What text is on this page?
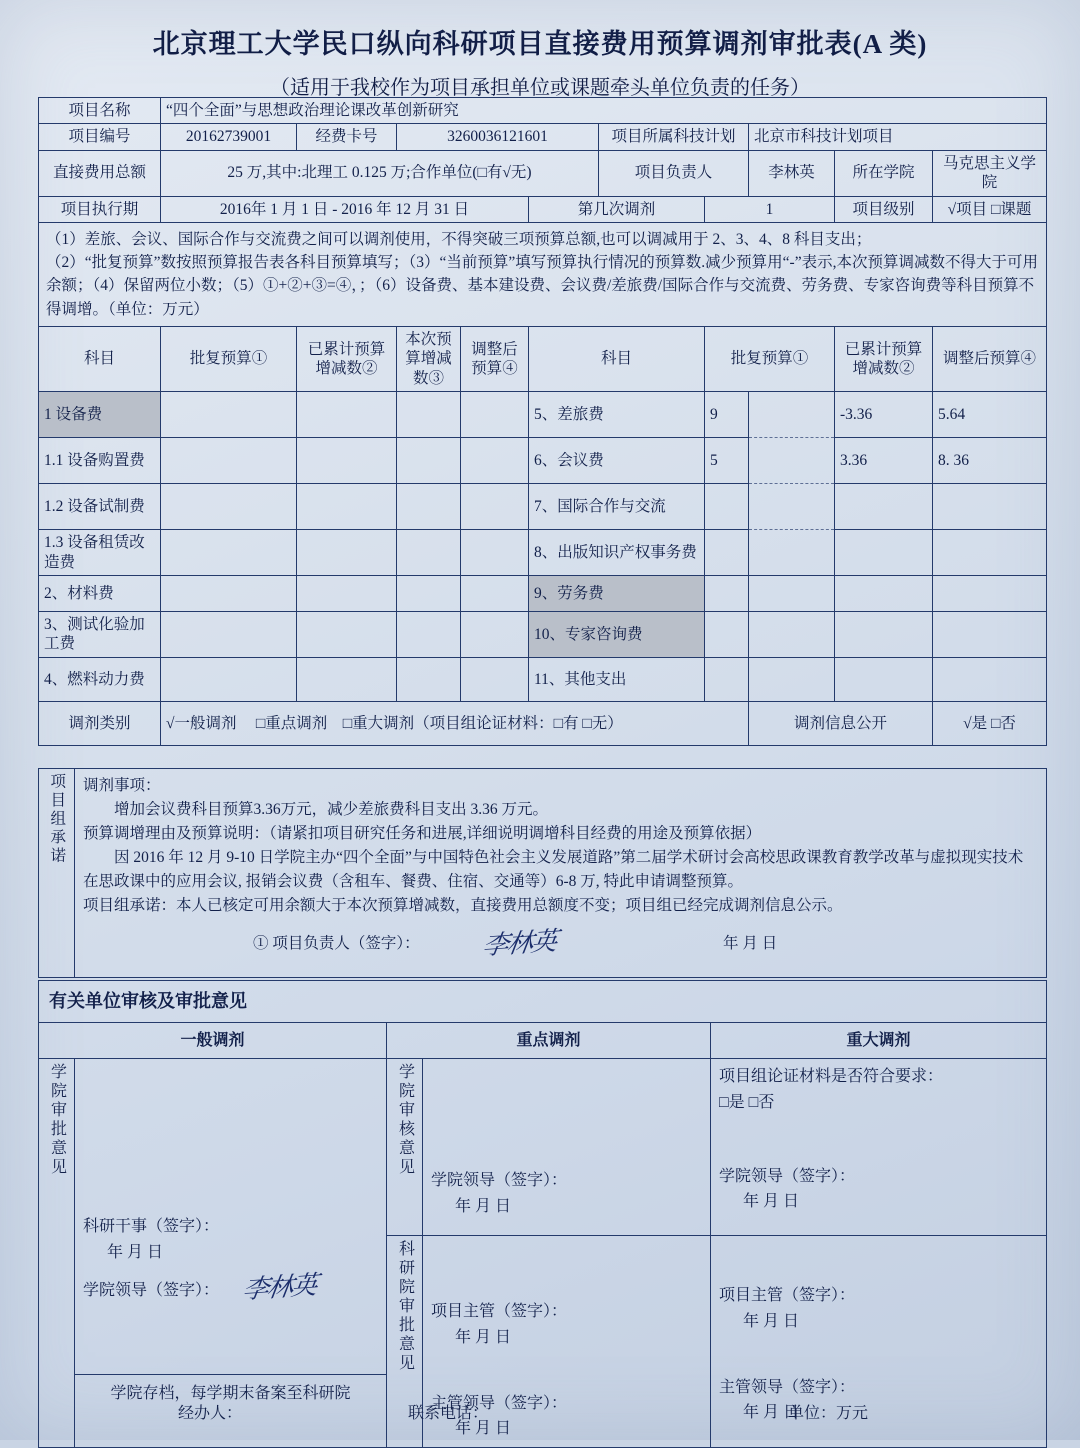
北京理工大学民口纵向科研项目直接费用预算调剂审批表(A 类)
（适用于我校作为项目承担单位或课题牵头单位负责的任务）
项目名称	“四个全面”与思想政治理论课改革创新研究									
项目编号	20162739001	经费卡号	3260036121601			项目所属科技计划		北京市科技计划项目		
直接费用总额	25 万,其中:北理工 0.125 万;合作单位(□有√无)					项目负责人		李林英	所在学院	马克思主义学院
项目执行期	2016年 1 月 1 日 - 2016 年 12 月 31 日				第几次调剂		1		项目级别	√项目 □课题

（1）差旅、会议、国际合作与交流费之间可以调剂使用，不得突破三项预算总额,也可以调减用于 2、3、4、8 科目支出；
（2）“批复预算”数按照预算报告表各科目预算填写；（3）“当前预算”填写预算执行情况的预算数.减少预算用“-”表示,本次预算调减数不得大于可用余额；（4）保留两位小数；（5）①+②+③=④，；（6）设备费、基本建设费、会议费/差旅费/国际合作与交流费、劳务费、专家咨询费等科目预算不得调增。（单位：万元）										

科目	批复预算①	已累计预算增减数②	本次预算增减数③	调整后预算④	科目		批复预算①		已累计预算增减数②	调整后预算④
1 设备费					5、差旅费		9		-3.36	5.64
1.1 设备购置费					6、会议费		5		3.36	8. 36
1.2 设备试制费					7、国际合作与交流					
1.3 设备租赁改造费					8、出版知识产权事务费					
2、材料费					9、劳务费					
3、测试化验加工费					10、专家咨询费					
4、燃料动力费					11、其他支出					
调剂类别	√一般调剂 □重点调剂 □重大调剂（项目组论证材料：□有 □无）							调剂信息公开		√是 □否
项目组承诺	调剂事项：
增加会议费科目预算3.36万元，减少差旅费科目支出 3.36 万元。
预算调增理由及预算说明：（请紧扣项目研究任务和进展,详细说明调增科目经费的用途及预算依据）
因 2016 年 12 月 9-10 日学院主办“四个全面”与中国特色社会主义发展道路”第二届学术研讨会高校思政课教育教学改革与虚拟现实技术在思政课中的应用会议, 报销会议费（含租车、餐费、住宿、交通等）6-8 万, 特此申请调整预算。
项目组承诺：本人已核定可用余额大于本次预算增减数，直接费用总额度不变；项目组已经完成调剂信息公示。
① 项目负责人（签字）： 李林英	年 月 日
有关单位审核及审批意见				
一般调剂		重点调剂		重大调剂
学院审批意见	
科研干事（签字）：
年 月 日
学院领导（签字）： 李林英
	学院审核意见	
学院领导（签字）：
年 月 日

项目组论证材料是否符合要求：
□是 □否
学院领导（签字）：
年 月 日

科研院审批意见	项目主管（签字）：
年 月 日
主管领导（签字）：
年 月 日

项目主管（签字）：
年 月 日
主管领导（签字）：
年 月 日

	学院存档，每学期末备案至科研院			
经办人：	联系电话：	单位：万元
